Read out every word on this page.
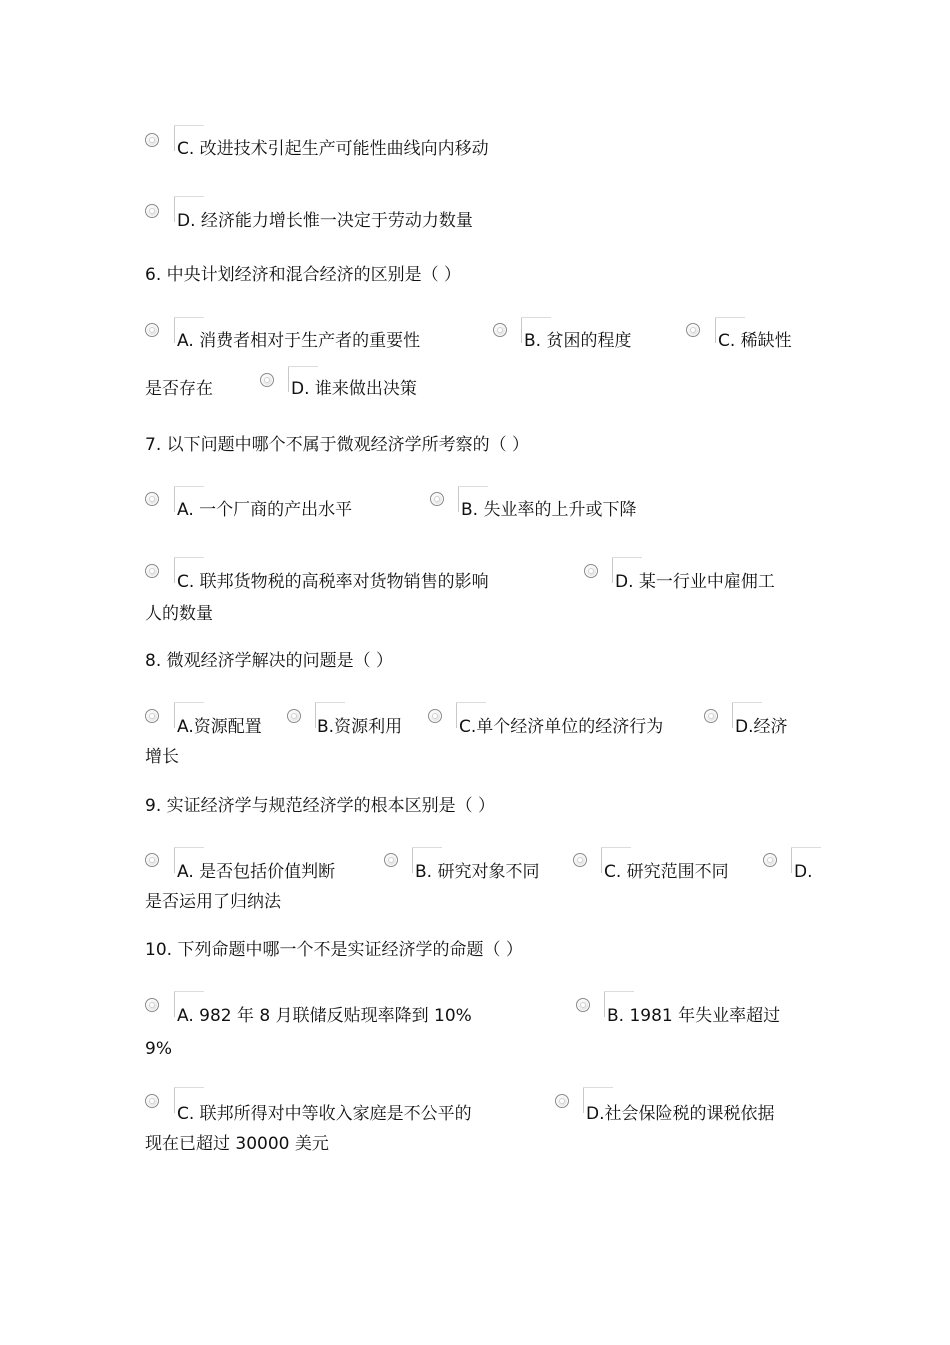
C. 改进技术引起生产可能性曲线向内移动
D. 经济能力增长惟一决定于劳动力数量
6. 中央计划经济和混合经济的区别是（ ）
A. 消费者相对于生产者的重要性	B. 贫困的程度	C. 稀缺性
是否存在	D. 谁来做出决策
7. 以下问题中哪个不属于微观经济学所考察的（ ）
A. 一个厂商的产出水平	B. 失业率的上升或下降
C. 联邦货物税的高税率对货物销售的影响	D. 某一行业中雇佣工
人的数量
8. 微观经济学解决的问题是（ ）
A.资源配置	B.资源利用	C.单个经济单位的经济行为	D.经济
增长
9. 实证经济学与规范经济学的根本区别是（ ）
A. 是否包括价值判断	B. 研究对象不同	C. 研究范围不同	D.
是否运用了归纳法
10. 下列命题中哪一个不是实证经济学的命题（ ）
A. 982 年 8 月联储反贴现率降到 10%	B. 1981 年失业率超过
9%
C. 联邦所得对中等收入家庭是不公平的	D.社会保险税的课税依据
现在已超过 30000 美元
